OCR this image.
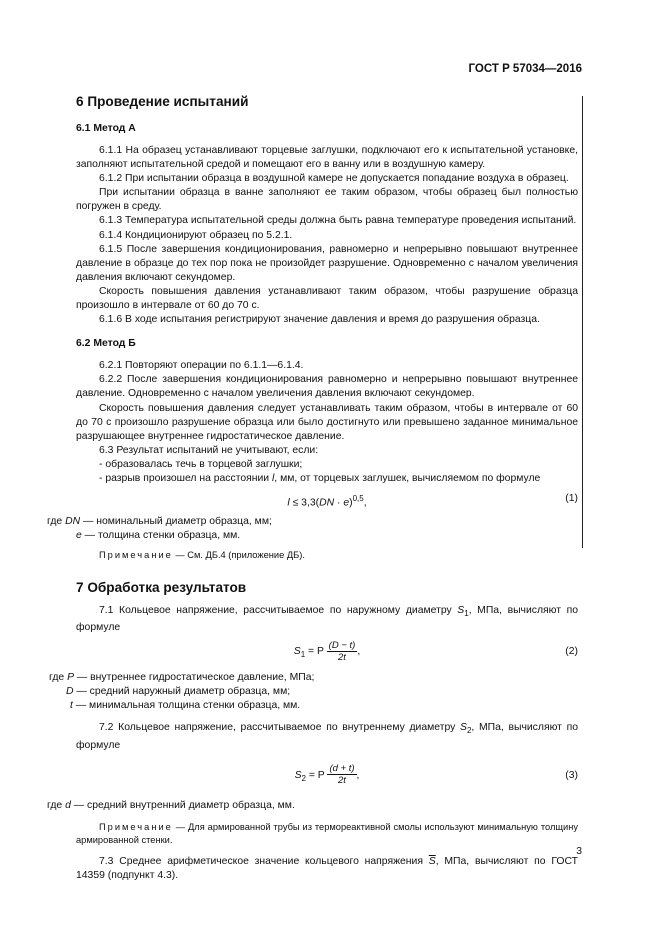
ГОСТ Р 57034—2016
6 Проведение испытаний
6.1 Метод А

6.1.1 На образец устанавливают торцевые заглушки, подключают его к испытательной установке, заполняют испытательной средой и помещают его в ванну или в воздушную камеру.

6.1.2 При испытании образца в воздушной камере не допускается попадание воздуха в образец.

При испытании образца в ванне заполняют ее таким образом, чтобы образец был полностью погружен в среду.

6.1.3 Температура испытательной среды должна быть равна температуре проведения испытаний.

6.1.4 Кондиционируют образец по 5.2.1.

6.1.5 После завершения кондиционирования, равномерно и непрерывно повышают внутреннее давление в образце до тех пор пока не произойдет разрушение. Одновременно с началом увеличения давления включают секундомер.

Скорость повышения давления устанавливают таким образом, чтобы разрушение образца произошло в интервале от 60 до 70 с.

6.1.6 В ходе испытания регистрируют значение давления и время до разрушения образца.

6.2 Метод Б

6.2.1 Повторяют операции по 6.1.1—6.1.4.

6.2.2 После завершения кондиционирования равномерно и непрерывно повышают внутреннее давление. Одновременно с началом увеличения давления включают секундомер.

Скорость повышения давления следует устанавливать таким образом, чтобы в интервале от 60 до 70 с произошло разрушение образца или было достигнуто или превышено заданное минимальное разрушающее внутреннее гидростатическое давление.

6.3 Результат испытаний не учитывают, если:

- образовалась течь в торцевой заглушки;

- разрыв произошел на расстоянии l, мм, от торцевых заглушек, вычисляемом по формуле

l ≤ 3,3(DN · e)$^{0,5}$,	(1)

где DN — номинальный диаметр образца, мм;

e — толщина стенки образца, мм.

Примечание — См. ДБ.4 (приложение ДБ).

7 Обработка результатов

7.1 Кольцевое напряжение, рассчитываемое по наружному диаметру $S_1$, МПа, вычисляют по формуле

$S_1 = P \frac{(D - t)}{2t}$ ,	(2)

где P — внутреннее гидростатическое давление, МПа;

D — средний наружный диаметр образца, мм;

t — минимальная толщина стенки образца, мм.

7.2 Кольцевое напряжение, рассчитываемое по внутреннему диаметру $S_2$, МПа, вычисляют по формуле

$S_2 = P \frac{(d + t)}{2t}$ ,	(3)

где d — средний внутренний диаметр образца, мм.

Примечание — Для армированной трубы из термореактивной смолы используют минимальную толщину армированной стенки.

7.3 Среднее арифметическое значение кольцевого напряжения $\overline{S}$, МПа, вычисляют по ГОСТ 14359 (подпункт 4.3).

3
